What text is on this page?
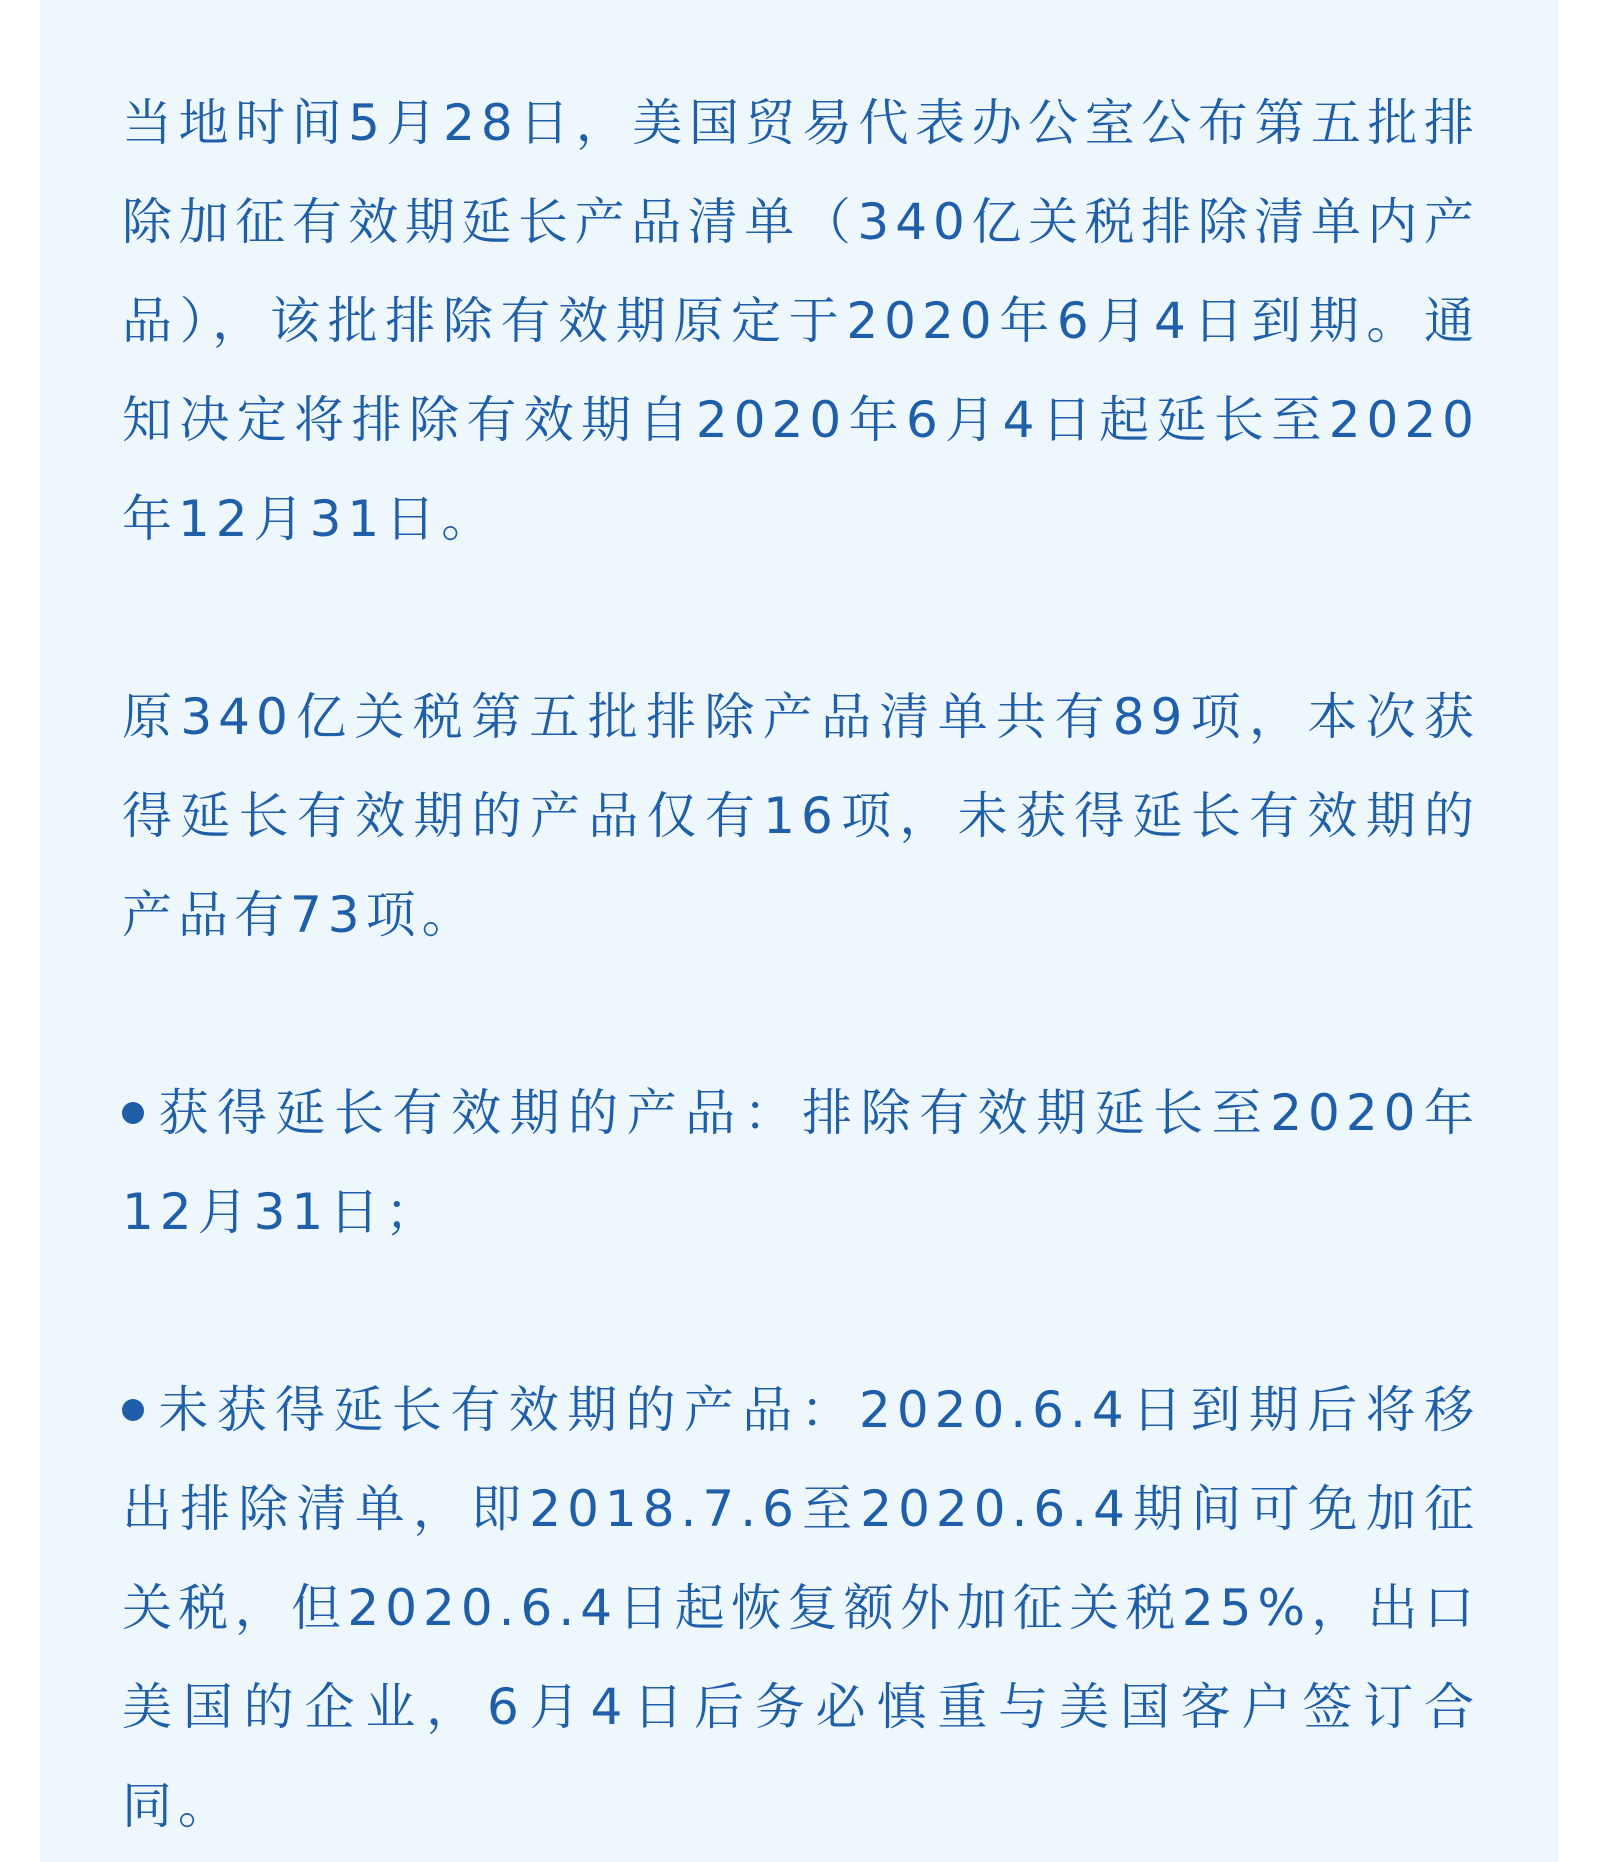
当地时间5月28日，美国贸易代表办公室公布第五批排除加征有效期延长产品清单（340亿关税排除清单内产品），该批排除有效期原定于2020年6月4日到期。通知决定将排除有效期自2020年6月4日起延长至2020年12月31日。

原340亿关税第五批排除产品清单共有89项，本次获得延长有效期的产品仅有16项，未获得延长有效期的产品有73项。

获得延长有效期的产品：排除有效期延长至2020年12月31日；

未获得延长有效期的产品：2020.6.4日到期后将移出排除清单，即2018.7.6至2020.6.4期间可免加征关税，但2020.6.4日起恢复额外加征关税25%，出口美国的企业，6月4日后务必慎重与美国客户签订合同。
